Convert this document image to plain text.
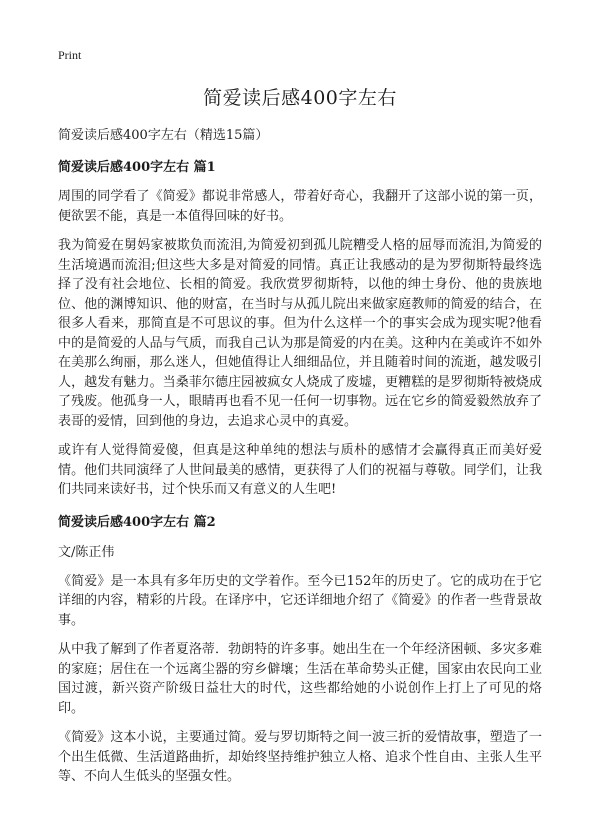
Print
简爱读后感400字左右
简爱读后感400字左右（精选15篇）
简爱读后感400字左右 篇1

周围的同学看了《简爱》都说非常感人，带着好奇心，我翻开了这部小说的第一页，便欲罢不能，真是一本值得回味的好书。

我为简爱在舅妈家被欺负而流泪,为简爱初到孤儿院糟受人格的屈辱而流泪,为简爱的生活境遇而流泪;但这些大多是对简爱的同情。真正让我感动的是为罗彻斯特最终选择了没有社会地位、长相的简爱。我欣赏罗彻斯特，以他的绅士身份、他的贵族地位、他的渊博知识、他的财富，在当时与从孤儿院出来做家庭教师的简爱的结合，在很多人看来，那简直是不可思议的事。但为什么这样一个的事实会成为现实呢?他看中的是简爱的人品与气质，而我自己认为那是简爱的内在美。这种内在美或许不如外在美那么绚丽，那么迷人，但她值得让人细细品位，并且随着时间的流逝，越发吸引人，越发有魅力。当桑菲尔德庄园被疯女人烧成了废墟，更糟糕的是罗彻斯特被烧成了残废。他孤身一人，眼睛再也看不见一任何一切事物。远在它乡的简爱毅然放弃了表哥的爱情，回到他的身边，去追求心灵中的真爱。

或许有人觉得简爱傻，但真是这种单纯的想法与质朴的感情才会赢得真正而美好爱情。他们共同演绎了人世间最美的感情，更获得了人们的祝福与尊敬。同学们，让我们共同来读好书，过个快乐而又有意义的人生吧!

简爱读后感400字左右 篇2
文/陈正伟

《简爱》是一本具有多年历史的文学着作。至今已152年的历史了。它的成功在于它详细的内容，精彩的片段。在译序中，它还详细地介绍了《简爱》的作者一些背景故事。

从中我了解到了作者夏洛蒂．勃朗特的许多事。她出生在一个年经济困顿、多灾多难的家庭；居住在一个远离尘器的穷乡僻壤；生活在革命势头正健，国家由农民向工业国过渡，新兴资产阶级日益壮大的时代，这些都给她的小说创作上打上了可见的烙印。

《简爱》这本小说，主要通过简。爱与罗切斯特之间一波三折的爱情故事，塑造了一个出生低微、生活道路曲折，却始终坚持维护独立人格、追求个性自由、主张人生平等、不向人生低头的坚强女性。
